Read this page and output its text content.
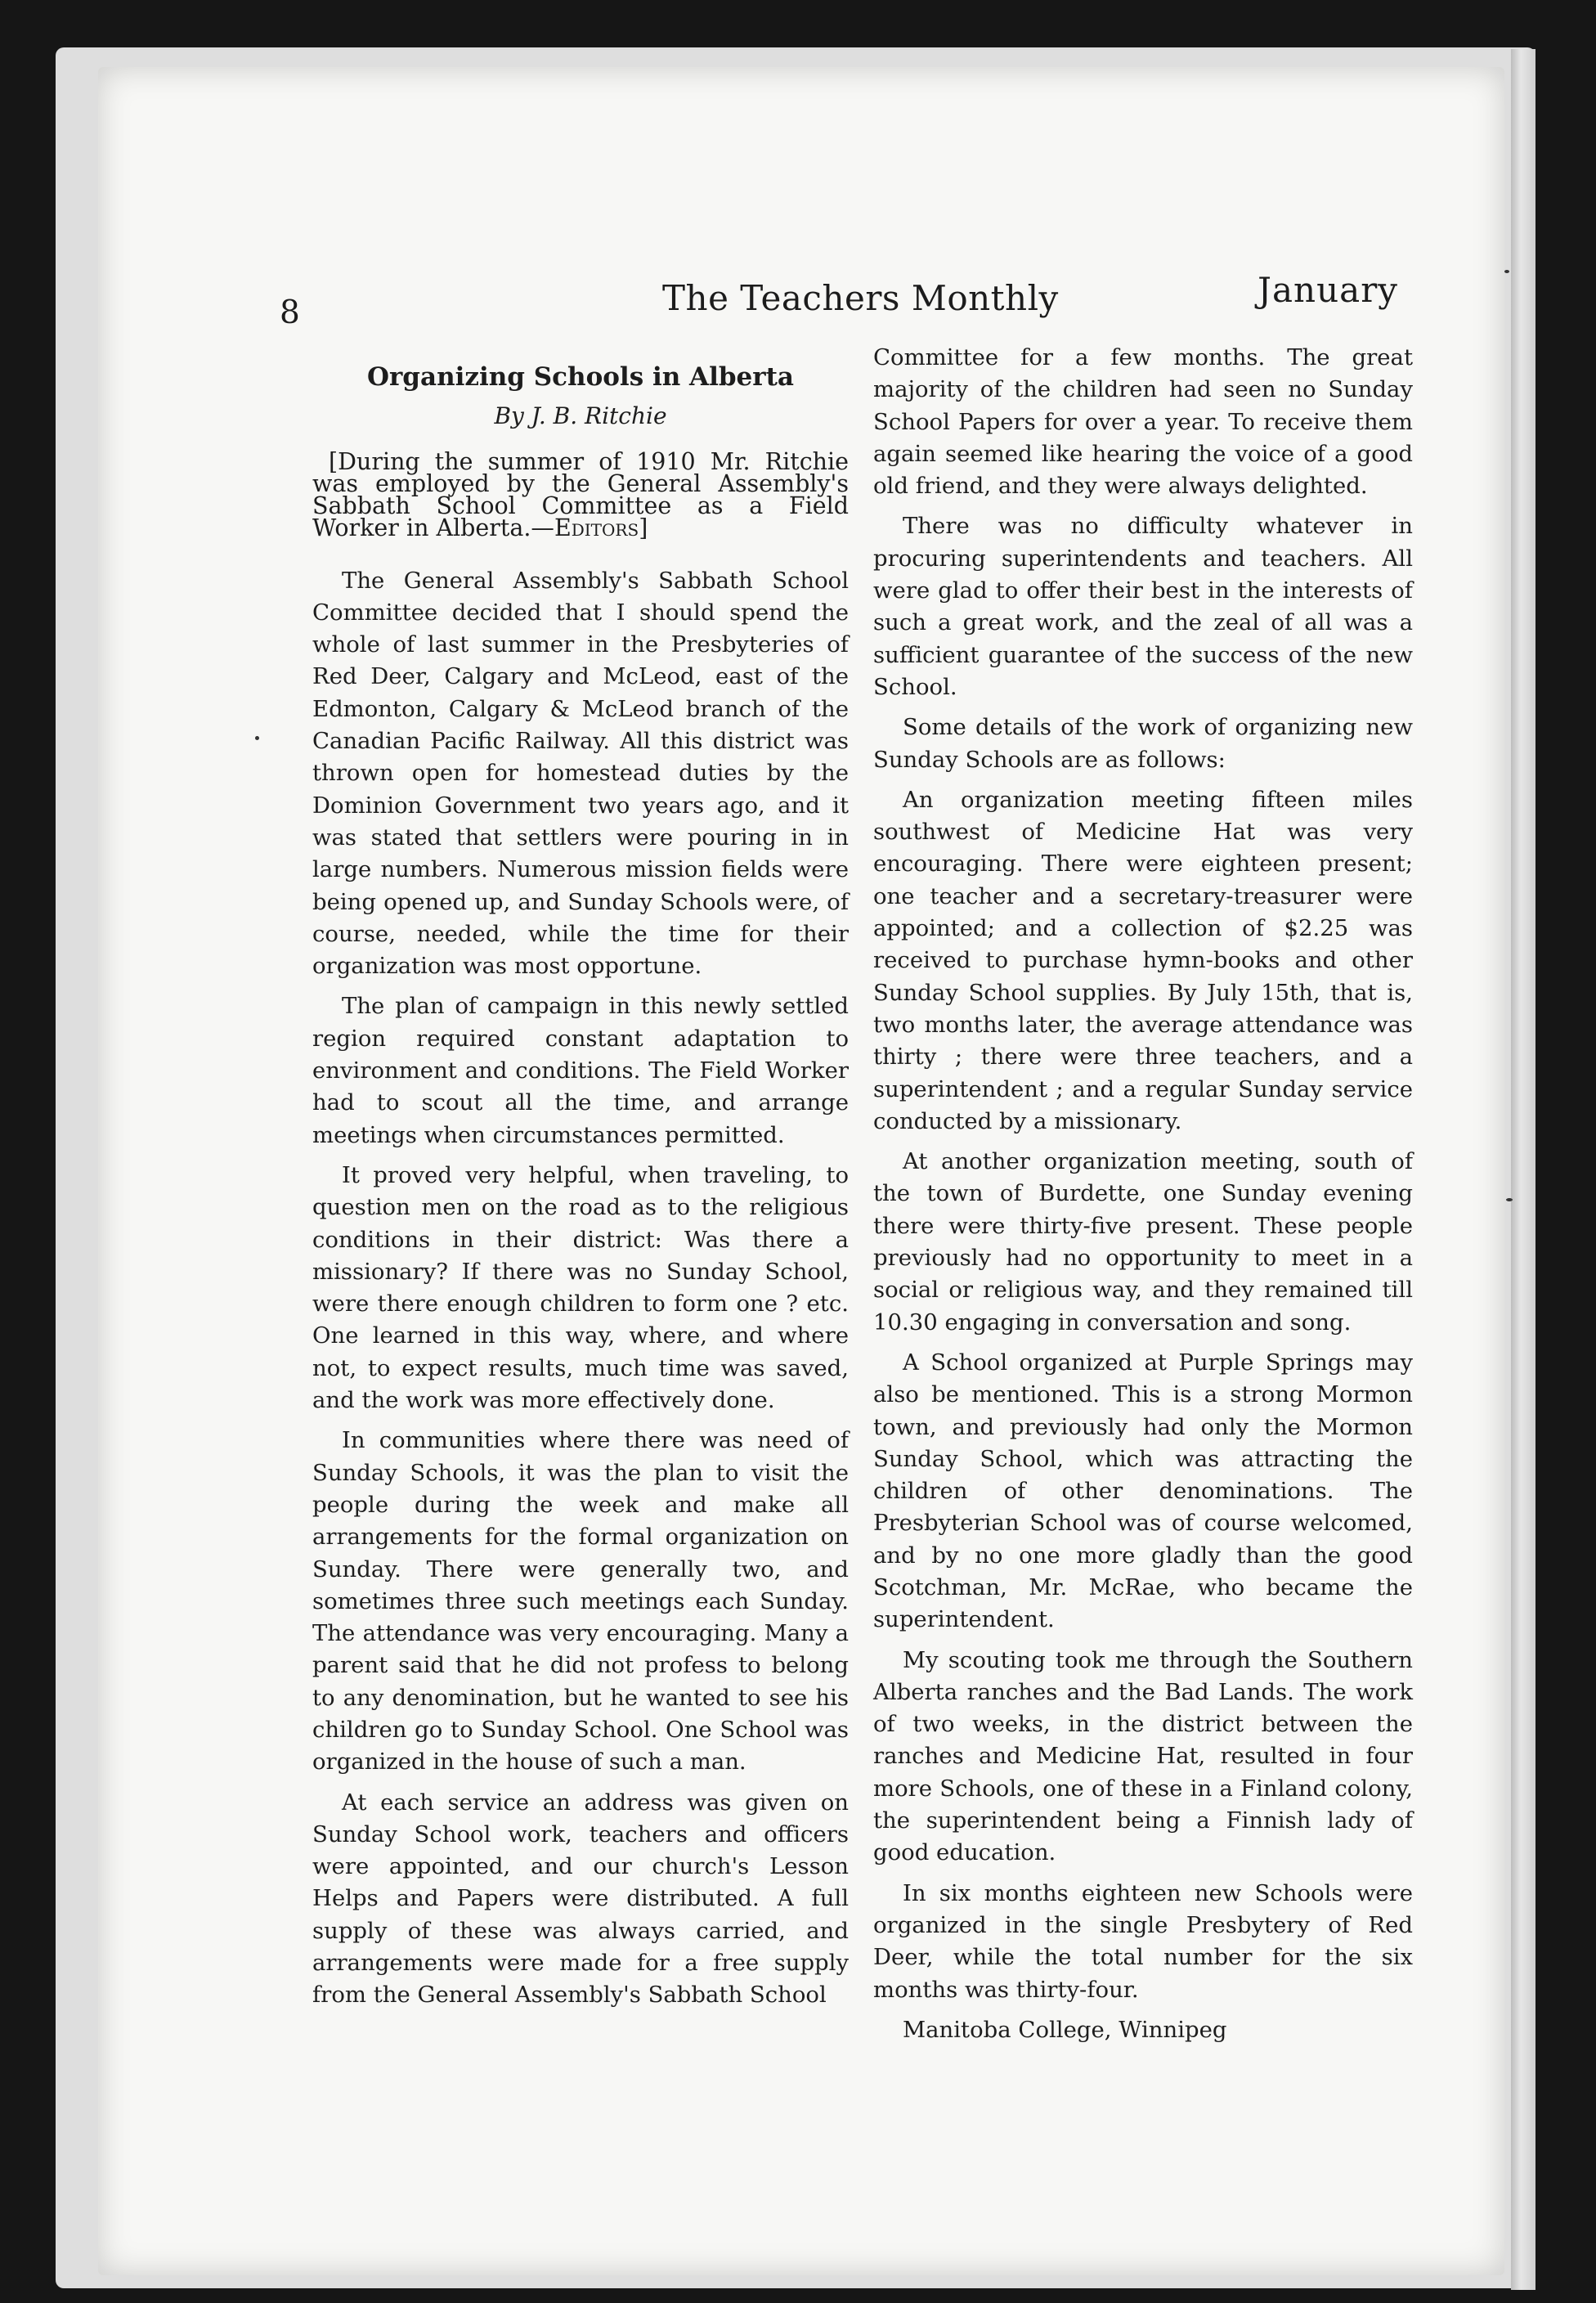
8	The Teachers Monthly	January
Organizing Schools in Alberta
By J. B. Ritchie

[During the summer of 1910 Mr. Ritchie was employed by the General Assembly's Sabbath School Committee as a Field Worker in Alberta.—Editors]

The General Assembly's Sabbath School Committee decided that I should spend the whole of last summer in the Presbyteries of Red Deer, Calgary and McLeod, east of the Edmonton, Calgary & McLeod branch of the Canadian Pacific Railway. All this district was thrown open for homestead duties by the Dominion Government two years ago, and it was stated that settlers were pouring in in large numbers. Numerous mission fields were being opened up, and Sunday Schools were, of course, needed, while the time for their organization was most opportune.

The plan of campaign in this newly settled region required constant adaptation to environment and conditions. The Field Worker had to scout all the time, and arrange meetings when circumstances permitted.

It proved very helpful, when traveling, to question men on the road as to the religious conditions in their district: Was there a missionary? If there was no Sunday School, were there enough children to form one ? etc. One learned in this way, where, and where not, to expect results, much time was saved, and the work was more effectively done.

In communities where there was need of Sunday Schools, it was the plan to visit the people during the week and make all arrangements for the formal organization on Sunday. There were generally two, and sometimes three such meetings each Sunday. The attendance was very encouraging. Many a parent said that he did not profess to belong to any denomination, but he wanted to see his children go to Sunday School. One School was organized in the house of such a man.

At each service an address was given on Sunday School work, teachers and officers were appointed, and our church's Lesson Helps and Papers were distributed. A full supply of these was always carried, and arrangements were made for a free supply from the General Assembly's Sabbath School

Committee for a few months. The great majority of the children had seen no Sunday School Papers for over a year. To receive them again seemed like hearing the voice of a good old friend, and they were always delighted.

There was no difficulty whatever in procuring superintendents and teachers. All were glad to offer their best in the interests of such a great work, and the zeal of all was a sufficient guarantee of the success of the new School.

Some details of the work of organizing new Sunday Schools are as follows:

An organization meeting fifteen miles southwest of Medicine Hat was very encouraging. There were eighteen present; one teacher and a secretary-treasurer were appointed; and a collection of $2.25 was received to purchase hymn-books and other Sunday School supplies. By July 15th, that is, two months later, the average attendance was thirty ; there were three teachers, and a superintendent ; and a regular Sunday service conducted by a missionary.

At another organization meeting, south of the town of Burdette, one Sunday evening there were thirty-five present. These people previously had no opportunity to meet in a social or religious way, and they remained till 10.30 engaging in conversation and song.

A School organized at Purple Springs may also be mentioned. This is a strong Mormon town, and previously had only the Mormon Sunday School, which was attracting the children of other denominations. The Presbyterian School was of course welcomed, and by no one more gladly than the good Scotchman, Mr. McRae, who became the superintendent.

My scouting took me through the Southern Alberta ranches and the Bad Lands. The work of two weeks, in the district between the ranches and Medicine Hat, resulted in four more Schools, one of these in a Finland colony, the superintendent being a Finnish lady of good education.

In six months eighteen new Schools were organized in the single Presbytery of Red Deer, while the total number for the six months was thirty-four.

Manitoba College, Winnipeg
